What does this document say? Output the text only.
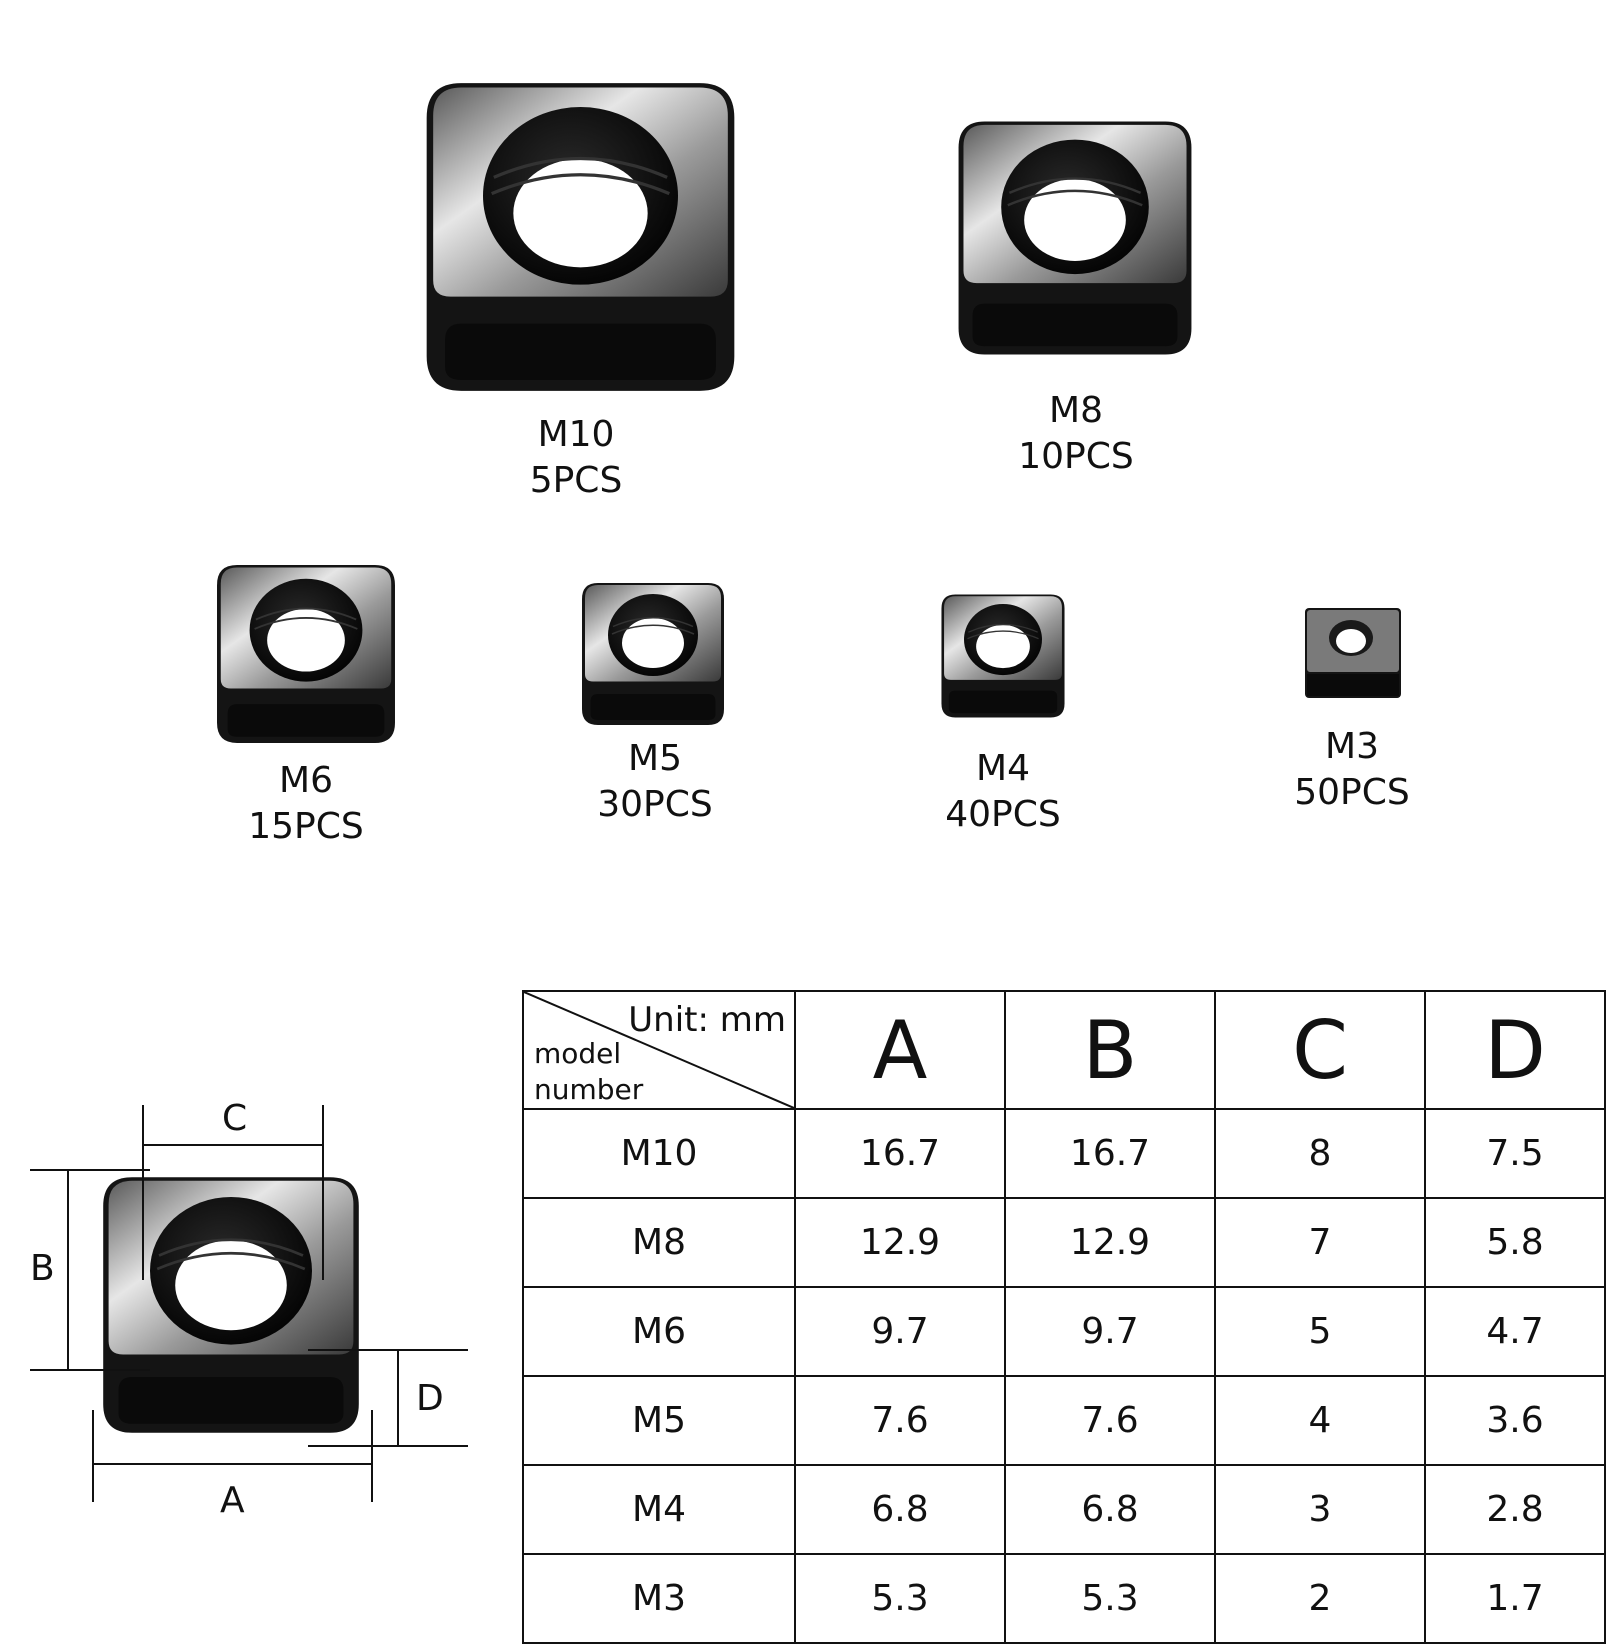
M10
5PCS
M8
10PCS
M6
15PCS
M5
30PCS
M4
40PCS
M3
50PCS
C
B
D
A
Unit: mm
model
number	A	B	C	D
M10	16.7	16.7	8	7.5
M8	12.9	12.9	7	5.8
M6	9.7	9.7	5	4.7
M5	7.6	7.6	4	3.6
M4	6.8	6.8	3	2.8
M3	5.3	5.3	2	1.7
